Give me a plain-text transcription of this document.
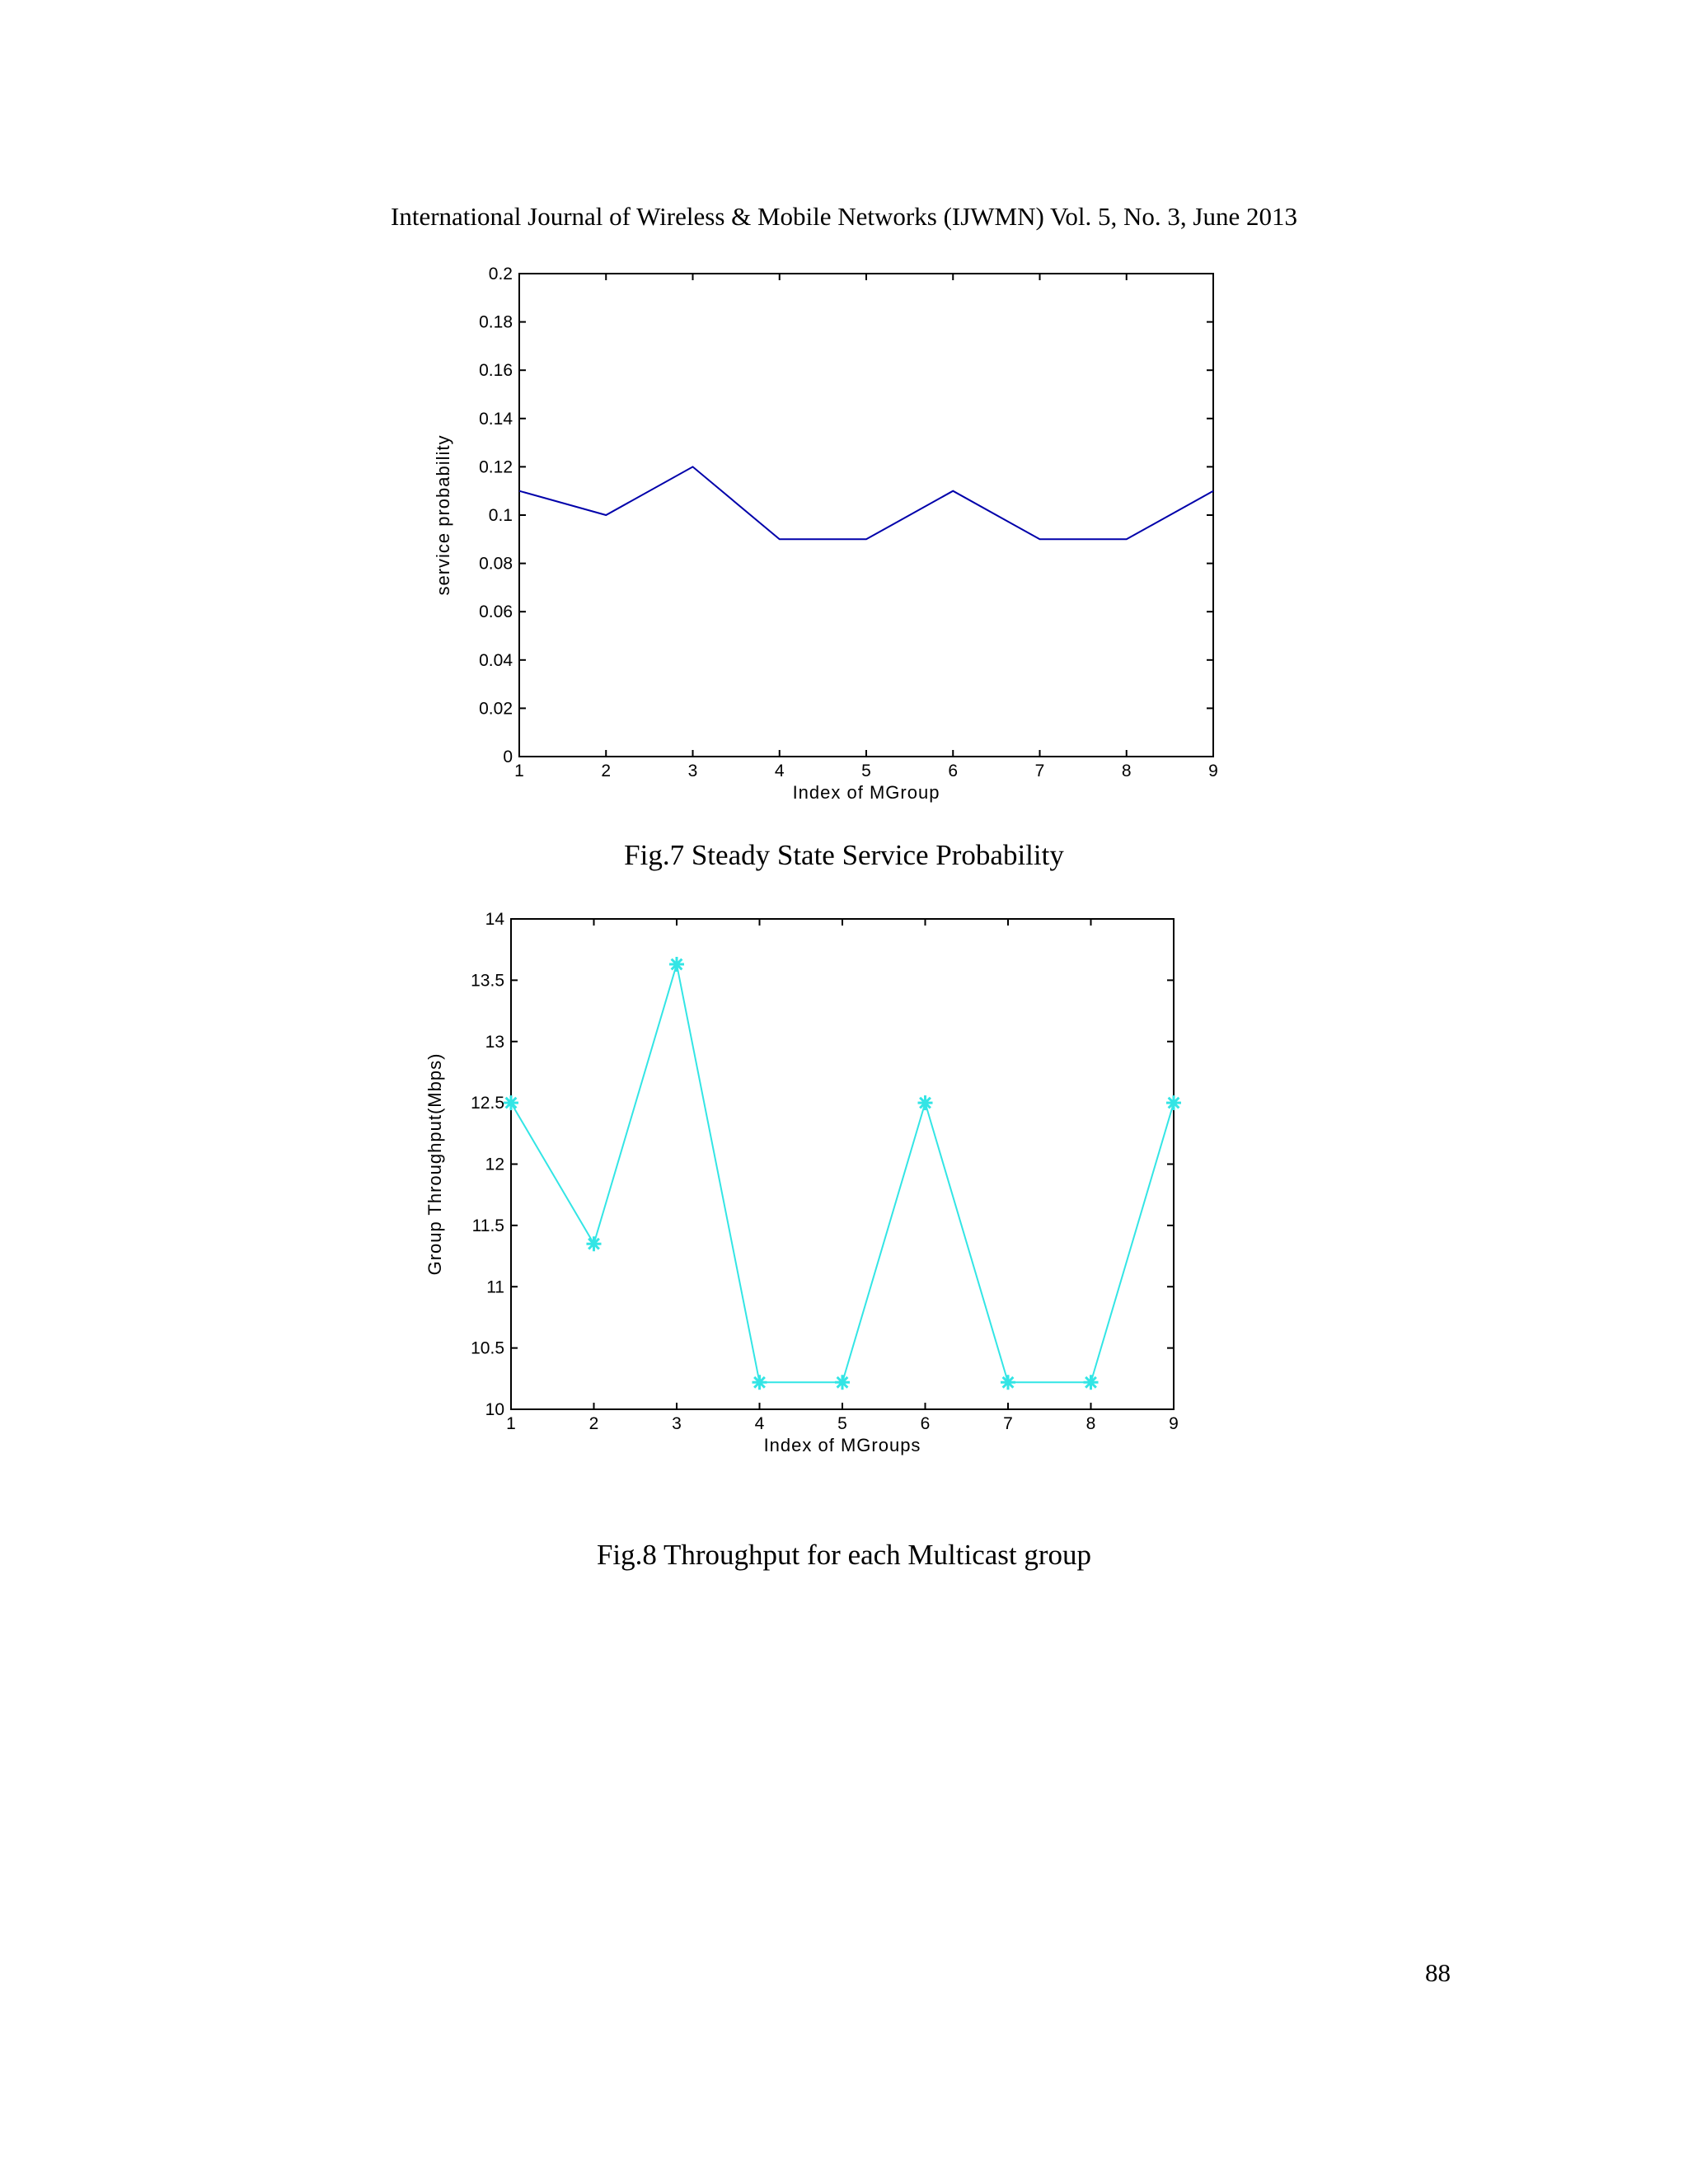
International Journal of Wireless & Mobile Networks (IJWMN) Vol. 5, No. 3, June 2013
0
0.02
0.04
0.06
0.08
0.1
0.12
0.14
0.16
0.18
0.2
1	2	3	4	5	6	7	8	9
Index of MGroup
service probability
Fig.7 Steady State Service Probability
10
10.5
11
11.5
12
12.5
13
13.5
14
1	2	3	4	5	6	7	8	9
Index of MGroups
Group Throughput(Mbps)
Fig.8 Throughput for each Multicast group
88
